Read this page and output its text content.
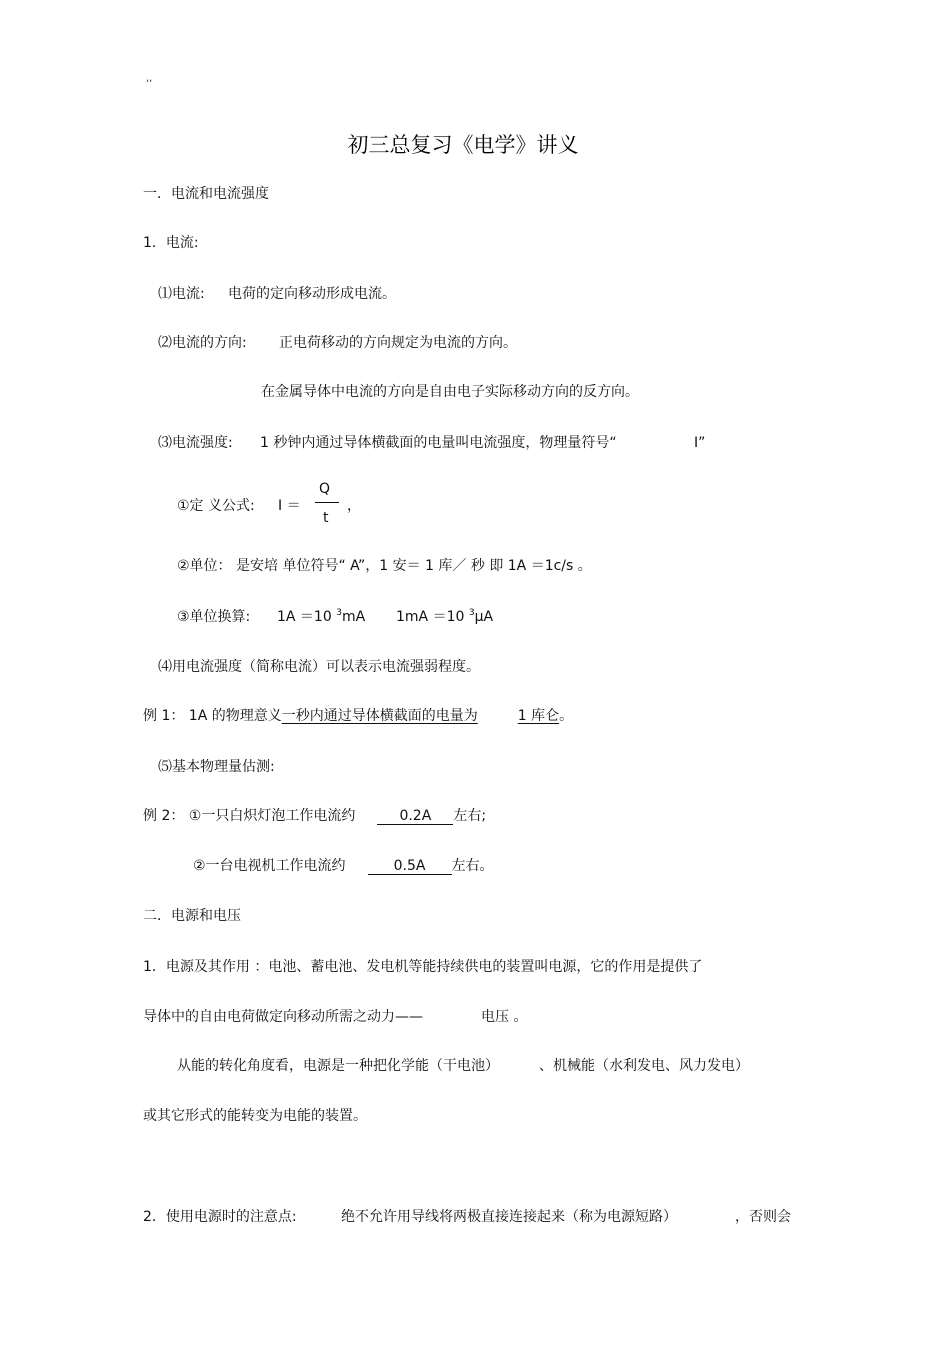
,,
初三总复习《电学》讲义
一．电流和电流强度
1．电流:
⑴电流: 电荷的定向移动形成电流。
⑵电流的方向: 正电荷移动的方向规定为电流的方向。
在金属导体中电流的方向是自由电子实际移动方向的反方向。
⑶电流强度: 1 秒钟内通过导体横截面的电量叫电流强度，物理量符号“	I”
①定 义公式: I ＝
Q
t
，
②单位： 是安培 单位符号“ A”，1 安＝ 1 库／ 秒 即 1A ＝1c/s 。
③单位换算: 1A ＝10 $^3$mA 1mA ＝10 $^3$μA
⑷用电流强度（简称电流）可以表示电流强弱程度。
例 1： 1A 的物理意义一秒内通过导体横截面的电量为	1 库仑。
⑸基本物理量估测:
例 2： ①一只白炽灯泡工作电流约	0.2A 左右;
②一台电视机工作电流约	0.5A 左右。
二．电源和电压
1．电源及其作用 ：电池、蓄电池、发电机等能持续供电的装置叫电源，它的作用是提供了
导体中的自由电荷做定向移动所需之动力——	电压 。
从能的转化角度看，电源是一种把化学能（干电池）	、机械能（水利发电、风力发电）
或其它形式的能转变为电能的装置。
2．使用电源时的注意点:	绝不允许用导线将两极直接连接起来（称为电源短路）	，否则会
